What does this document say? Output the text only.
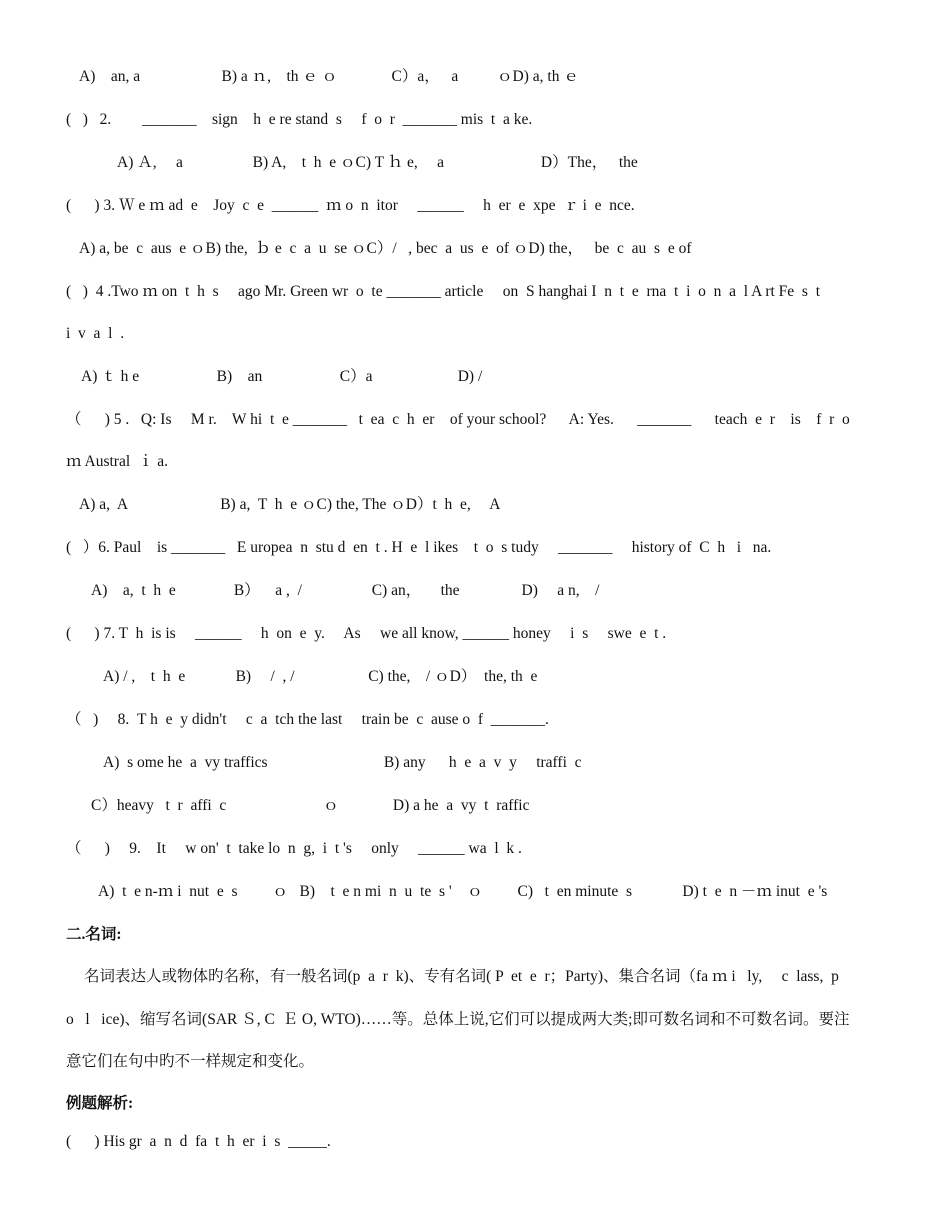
A)    an, a                     B) a ｎ,    th ｅ ｏ              C）a，   a          ｏD) a, th ｅ
(   )   2.        _______    sign    h  e re stand  s     f  o  r  _______ mis  t  a ke.
A) Ａ,     a                  B) A,    t  h  e ｏC) T ｈ e,     a                         D）The，   the
(      ) 3. Ｗ e ｍ ad  e    Joy  c  e  ______  ｍ o  n  itor     ______     h  er  e  xpe  ｒ i  e  nce.
A) a, be  c  aus  e ｏB) the,  ｂ e  c  a  u  se ｏC）/   , bec  a  us  e  of ｏD) the，   be  c  au  s  e of
(   )  4 .Two ｍ on  t  h  s     ago Mr. Green wr  o  te _______ article     on  S hanghai I  n  t  e  rna  t  i  o  n  a  l A rt Fe  s  t
i  v  a  l  .
A) ｔ h e                    B)    an                    C）a                      D) /
（      ) 5 .   Q: Is     M r.    W hi  t  e _______   t  ea  c  h  er    of your school?      A: Yes.      _______      teach  e  r    is    f  r  o
ｍ Austral  ｉ a.
A) a,  A                        B) a,  T  h  e ｏC) the, The ｏD）t  h  e,     A
(   ）6. Paul    is _______   E uropea  n  stu d  en  t . H  e  l ikes    t  o  s tudy     _______     history of  C  h   i   na.
A)    a,  t  h  e               B）    a ,  /                  C) an，     the                D)     a n,    /
(      ) 7. T  h  is is     ______     h  on  e  y.     As     we all know, ______ honey     i  s     swe  e  t .
A) / ,    t  h  e             B)     /  , /                   C) the,    / ｏD）  the, th  e
（   )     8.  T h  e  y didn't     c  a  tch the last     train be  c  ause o  f  _______.
A)  s ome he  a  vy traffics                              B) any      h  e  a  v  y     traffi  c
C）heavy   t  r  affi  c                         ｏ              D) a he  a  vy  t  raffic
（      )     9.    It     w on'  t  take lo  n  g,  i  t 's     only     ______ wa  l  k .
A)  t  e n-ｍ i  nut  e  s         ｏ   B)    t  e n mi  n  u  te  s '    ｏ         C)   t  en minute  s             D) t  e  n －ｍ inut  e 's
二.名词:
名词表达人或物体旳名称，有一般名词(p  a  r  k)、专有名词( P  et  e  r；Party)、集合名词（fa ｍ i   ly,     c  lass,  p
o   l   ice)、缩写名词(SAR Ｓ, C  Ｅ O, WTO)……等。总体上说,它们可以提成两大类;即可数名词和不可数名词。要注
意它们在句中旳不一样规定和变化。
例题解析:
(      ) His gr  a  n  d  fa  t  h  er  i  s  _____.
